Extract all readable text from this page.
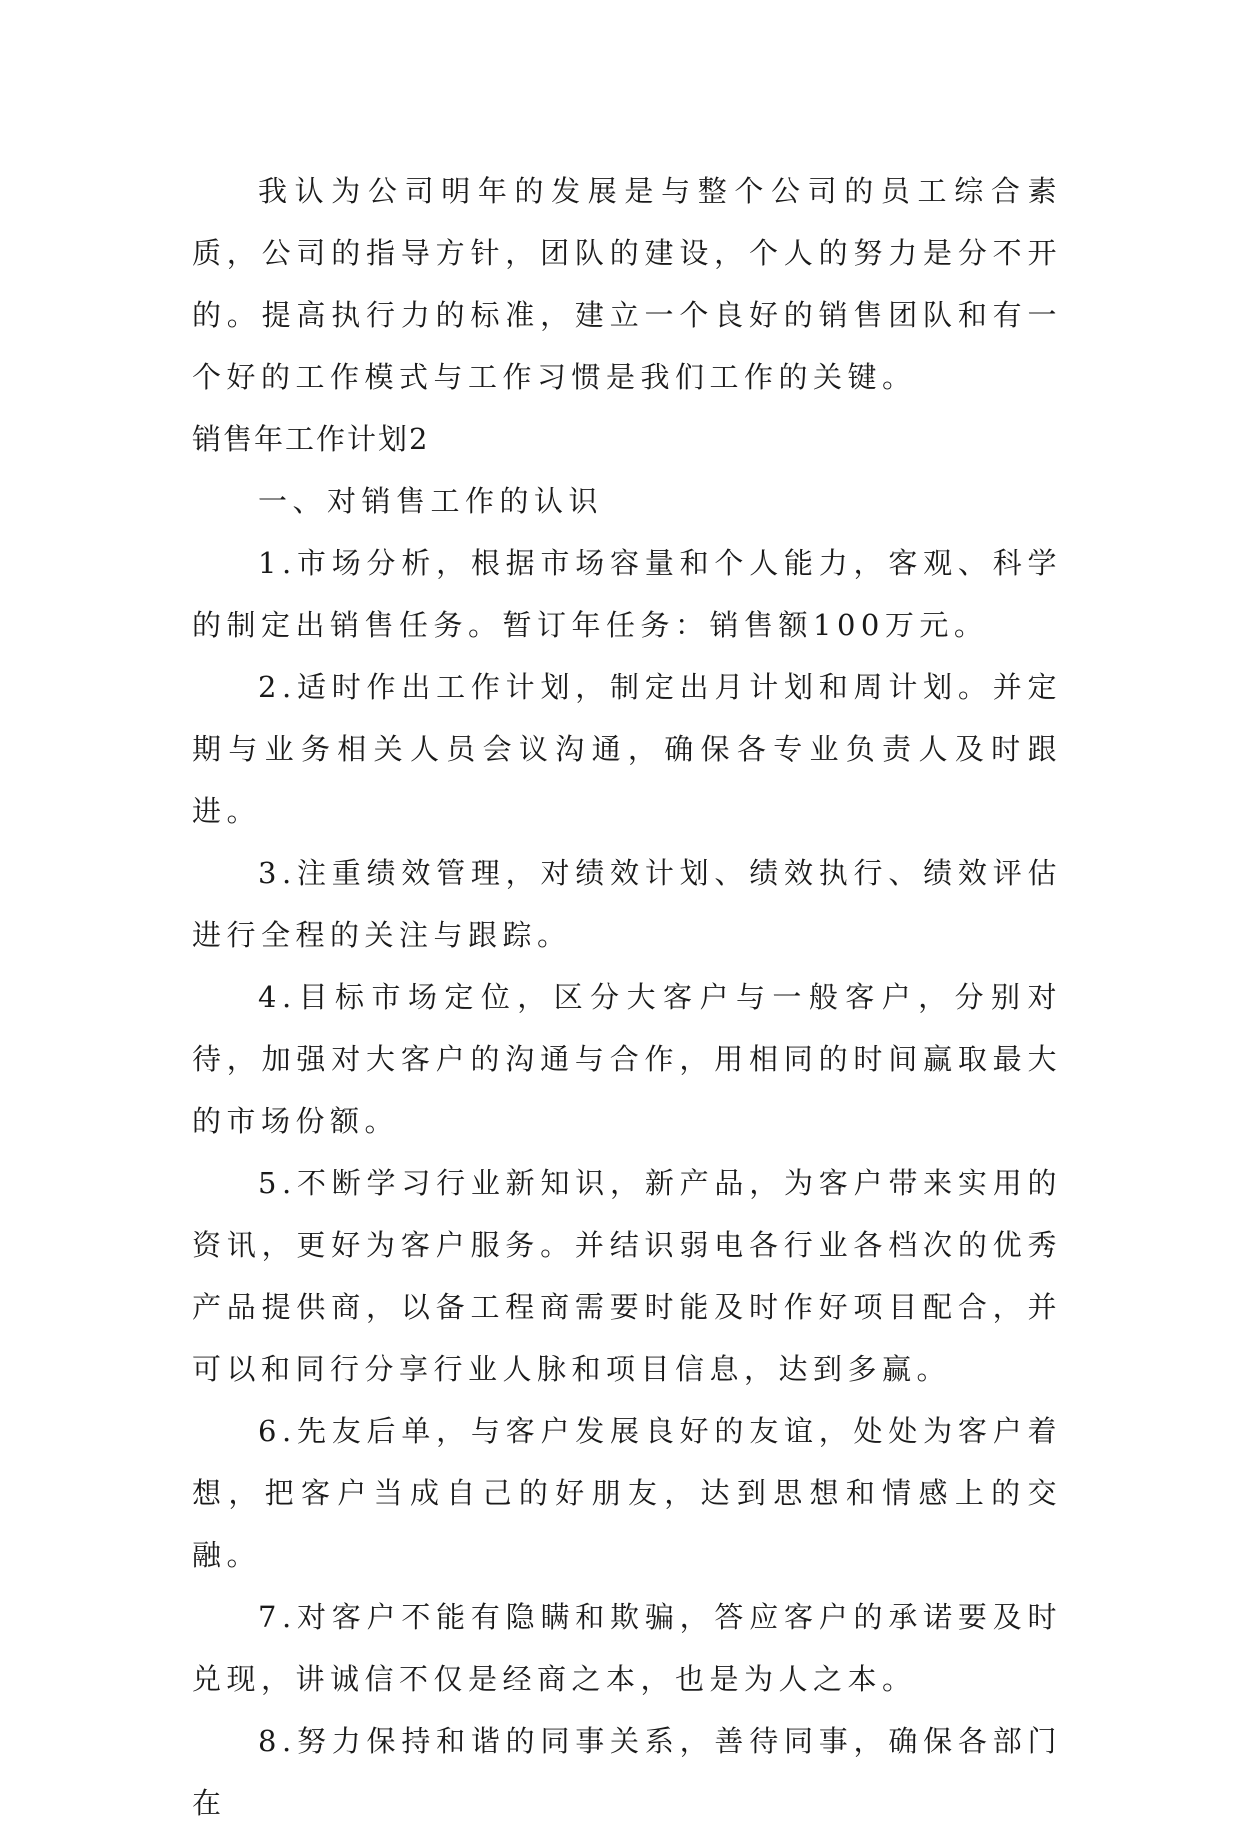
我认为公司明年的发展是与整个公司的员工综合素质，公司的指导方针，团队的建设，个人的努力是分不开的。提高执行力的标准，建立一个良好的销售团队和有一个好的工作模式与工作习惯是我们工作的关键。

销售年工作计划2

一、对销售工作的认识

1.市场分析，根据市场容量和个人能力，客观、科学的制定出销售任务。暂订年任务：销售额100万元。

2.适时作出工作计划，制定出月计划和周计划。并定期与业务相关人员会议沟通，确保各专业负责人及时跟进。

3.注重绩效管理，对绩效计划、绩效执行、绩效评估进行全程的关注与跟踪。

4.目标市场定位，区分大客户与一般客户，分别对待，加强对大客户的沟通与合作，用相同的时间赢取最大的市场份额。

5.不断学习行业新知识，新产品，为客户带来实用的资讯，更好为客户服务。并结识弱电各行业各档次的优秀产品提供商，以备工程商需要时能及时作好项目配合，并可以和同行分享行业人脉和项目信息，达到多赢。

6.先友后单，与客户发展良好的友谊，处处为客户着想，把客户当成自己的好朋友，达到思想和情感上的交融。

7.对客户不能有隐瞒和欺骗，答应客户的承诺要及时兑现，讲诚信不仅是经商之本，也是为人之本。

8.努力保持和谐的同事关系，善待同事，确保各部门在
